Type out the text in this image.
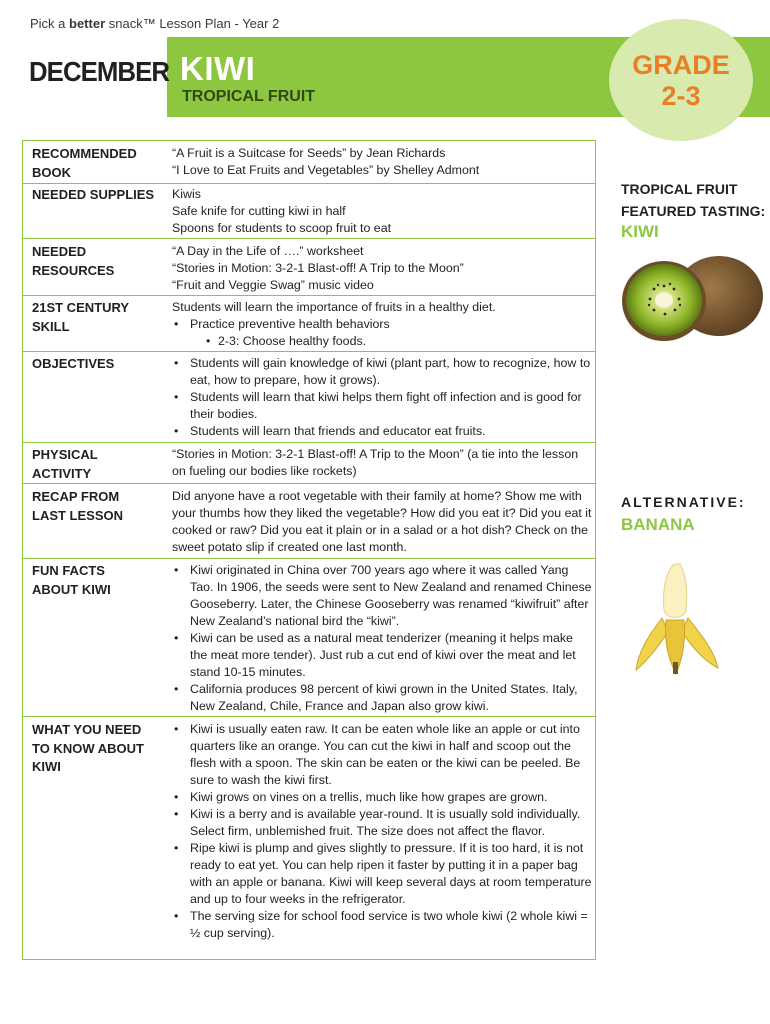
Pick a better snack™ Lesson Plan - Year 2
DECEMBER KIWI
TROPICAL FRUIT
GRADE
2-3
RECOMMENDED BOOK

“A Fruit is a Suitcase for Seeds” by Jean Richards

“I Love to Eat Fruits and Vegetables” by Shelley Admont

NEEDED SUPPLIES	Kiwis

Safe knife for cutting kiwi in half

Spoons for students to scoop fruit to eat

NEEDED RESOURCES

“A Day in the Life of ….” worksheet

“Stories in Motion: 3-2-1 Blast-off! A Trip to the Moon”

“Fruit and Veggie Swag” music video

21ST CENTURY SKILL

Students will learn the importance of fruits in a healthy diet.

• Practice preventive health behaviors
• 2-3: Choose healthy foods.
OBJECTIVES
•	Students will gain knowledge of kiwi (plant part, how to recognize, how to eat, how to prepare, how it grows).
• Students will learn that kiwi helps them fight off infection and is good for their bodies.
• Students will learn that friends and educator eat fruits.
PHYSICAL ACTIVITY

“Stories in Motion: 3-2-1 Blast-off! A Trip to the Moon” (a tie into the lesson on fueling our bodies like rockets)

RECAP FROM LAST LESSON

Did anyone have a root vegetable with their family at home? Show me with your thumbs how they liked the vegetable? How did you eat it? Did you eat it cooked or raw? Did you eat it plain or in a salad or a hot dish? Check on the sweet potato slip if created one last month.

FUN FACTS ABOUT KIWI
• Kiwi originated in China over 700 years ago where it was called Yang Tao. In 1906, the seeds were sent to New Zealand and renamed Chinese Gooseberry. Later, the Chinese Gooseberry was renamed “kiwifruit” after New Zealand’s national bird the “kiwi”.
• Kiwi can be used as a natural meat tenderizer (meaning it helps make the meat more tender). Just rub a cut end of kiwi over the meat and let stand 10-15 minutes.
• California produces 98 percent of kiwi grown in the United States. Italy, New Zealand, Chile, France and Japan also grow kiwi.
WHAT YOU NEED TO KNOW ABOUT KIWI
• Kiwi is usually eaten raw. It can be eaten whole like an apple or cut into quarters like an orange. You can cut the kiwi in half and scoop out the flesh with a spoon. The skin can be eaten or the kiwi can be peeled. Be sure to wash the kiwi first.
• Kiwi grows on vines on a trellis, much like how grapes are grown.
• Kiwi is a berry and is available year-round. It is usually sold individually. Select firm, unblemished fruit. The size does not affect the flavor.
• Ripe kiwi is plump and gives slightly to pressure. If it is too hard, it is not ready to eat yet. You can help ripen it faster by putting it in a paper bag with an apple or banana. Kiwi will keep several days at room temperature and up to four weeks in the refrigerator.
• The serving size for school food service is two whole kiwi (2 whole kiwi = ½ cup serving).
TROPICAL FRUIT
FEATURED TASTING:
KIWI
ALTERNATIVE:
BANANA
